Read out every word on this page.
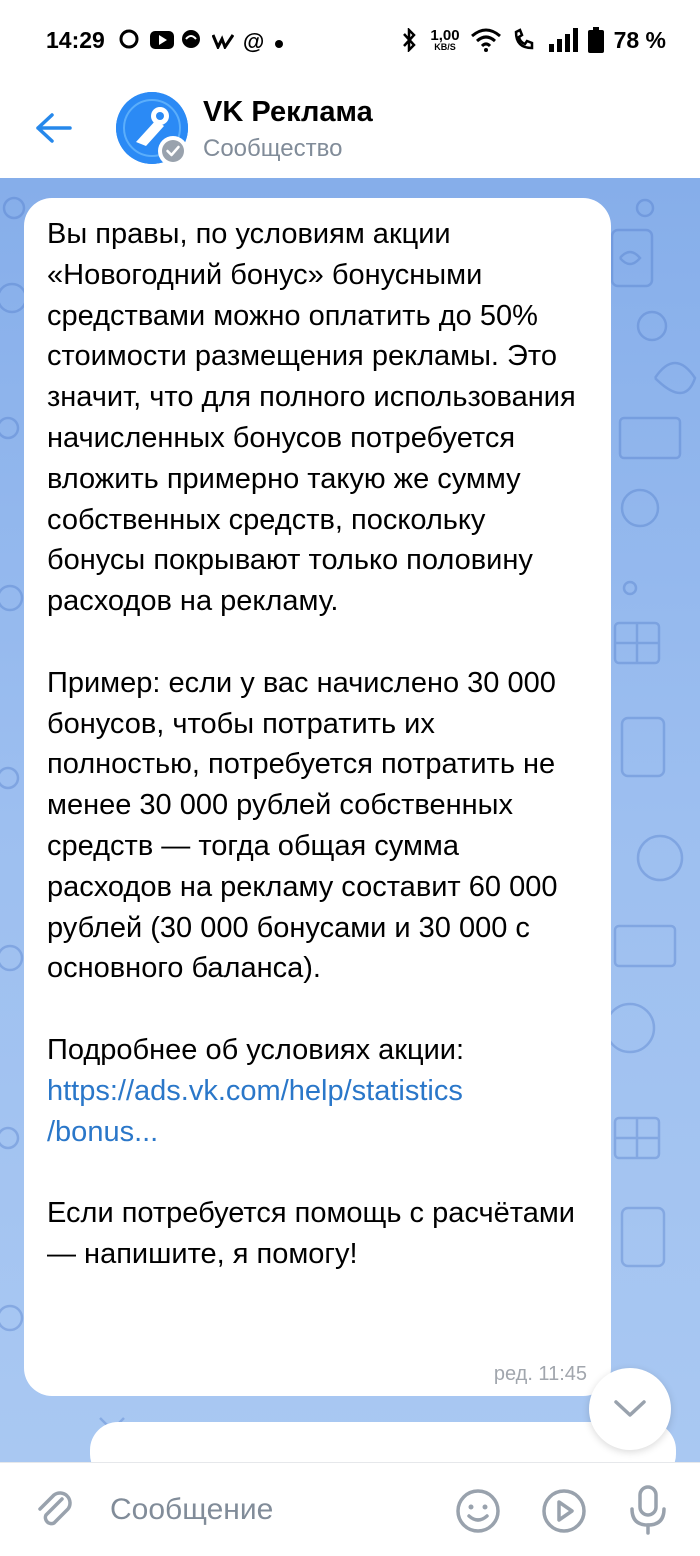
14:29	@	1,00
KB/S	78 %
VK Реклама
Сообщество
Вы правы, по условиям акции «Новогодний бонус» бонусными средствами можно оплатить до 50% стоимости размещения рекламы. Это значит, что для полного использования начисленных бонусов потребуется вложить примерно такую же сумму собственных средств, поскольку бонусы покрывают только половину расходов на рекламу.

Пример: если у вас начислено 30 000 бонусов, чтобы потратить их полностью, потребуется потратить не менее 30 000 рублей собственных средств — тогда общая сумма расходов на рекламу составит 60 000 рублей (30 000 бонусами и 30 000 с основного баланса).

Подробнее об условиях акции:
https://ads.vk.com/help/statistics
/bonus...

Если потребуется помощь с расчётами — напишите, я помогу!
ред. 11:45
Сообщение
